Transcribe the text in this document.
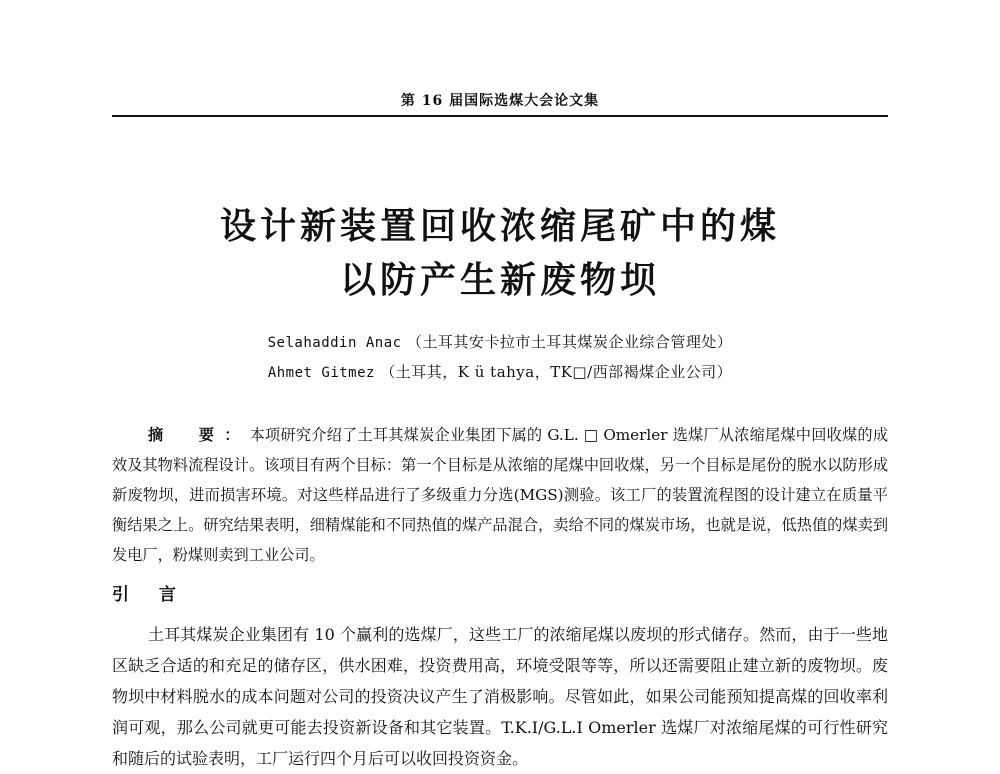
第 16 届国际选煤大会论文集
设计新装置回收浓缩尾矿中的煤
以防产生新废物坝
Selahaddin Anac （土耳其安卡拉市土耳其煤炭企业综合管理处）
Ahmet Gitmez （土耳其，K ü tahya，TK□/西部褐煤企业公司）

摘　要：本项研究介绍了土耳其煤炭企业集团下属的 G.L. □ Omerler 选煤厂从浓缩尾煤中回收煤的成效及其物料流程设计。该项目有两个目标：第一个目标是从浓缩的尾煤中回收煤，另一个目标是尾份的脱水以防形成新废物坝，进而损害环境。对这些样品进行了多级重力分选(MGS)测验。该工厂的装置流程图的设计建立在质量平衡结果之上。研究结果表明，细精煤能和不同热值的煤产品混合，卖给不同的煤炭市场，也就是说，低热值的煤卖到发电厂，粉煤则卖到工业公司。

引 言

土耳其煤炭企业集团有 10 个赢利的选煤厂，这些工厂的浓缩尾煤以废坝的形式储存。然而，由于一些地区缺乏合适的和充足的储存区，供水困难，投资费用高，环境受限等等，所以还需要阻止建立新的废物坝。废物坝中材料脱水的成本问题对公司的投资决议产生了消极影响。尽管如此，如果公司能预知提高煤的回收率利润可观，那么公司就更可能去投资新设备和其它装置。T.K.I/G.L.I Omerler 选煤厂对浓缩尾煤的可行性研究和随后的试验表明，工厂运行四个月后可以收回投资资金。
